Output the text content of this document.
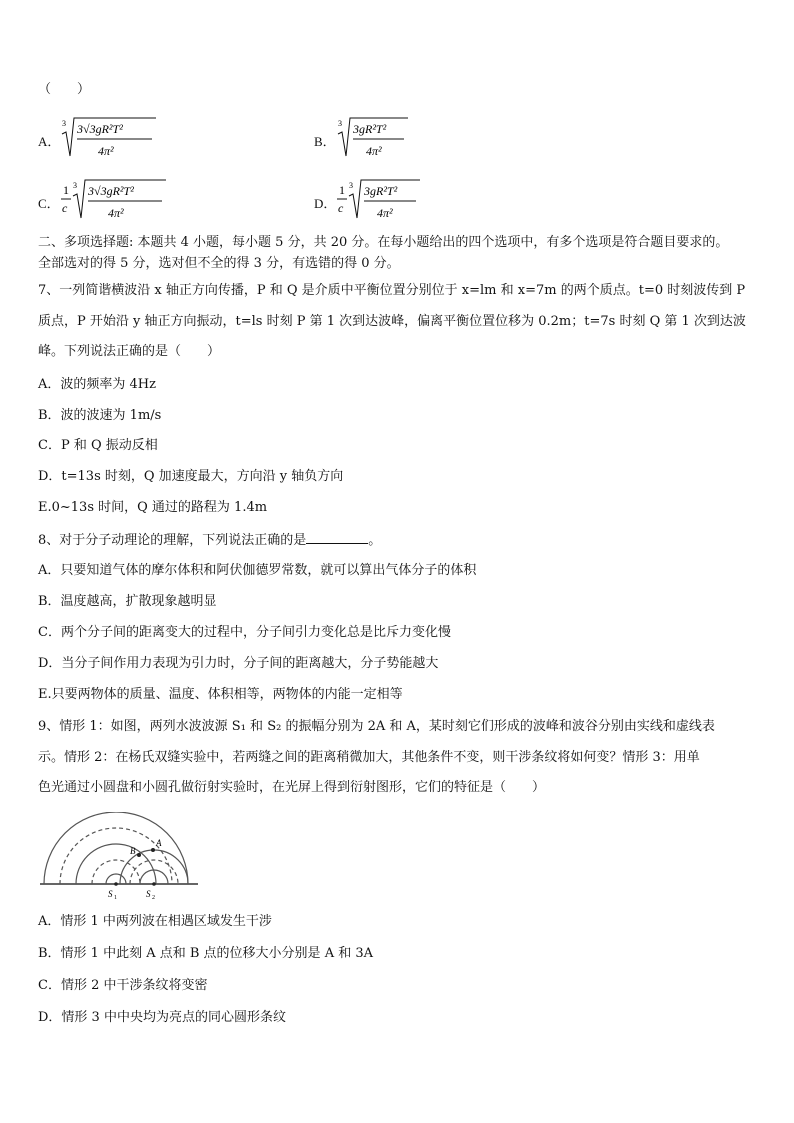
（　　）
A．
3 3√3gR²T²
4π²
B．
3 3gR²T²
4π²
C．
1
c
3 3√3gR²T²
4π²
D．
1
c
3 3gR²T²
4π²
二、多项选择题: 本题共 4 小题，每小题 5 分，共 20 分。在每小题给出的四个选项中，有多个选项是符合题目要求的。
全部选对的得 5 分，选对但不全的得 3 分，有选错的得 0 分。
7、一列简谐横波沿 x 轴正方向传播，P 和 Q 是介质中平衡位置分别位于 x=lm 和 x=7m 的两个质点。t=0 时刻波传到 P
质点，P 开始沿 y 轴正方向振动，t=ls 时刻 P 第 1 次到达波峰，偏离平衡位置位移为 0.2m；t=7s 时刻 Q 第 1 次到达波
峰。下列说法正确的是（　　）
A．波的频率为 4Hz
B．波的波速为 1m/s
C．P 和 Q 振动反相
D．t=13s 时刻，Q 加速度最大，方向沿 y 轴负方向
E.0~13s 时间，Q 通过的路程为 1.4m
8、对于分子动理论的理解，下列说法正确的是	。
A．只要知道气体的摩尔体积和阿伏伽德罗常数，就可以算出气体分子的体积
B．温度越高，扩散现象越明显
C．两个分子间的距离变大的过程中，分子间引力变化总是比斥力变化慢
D．当分子间作用力表现为引力时，分子间的距离越大，分子势能越大
E.只要两物体的质量、温度、体积相等，两物体的内能一定相等
9、情形 1：如图，两列水波波源 S₁ 和 S₂ 的振幅分别为 2A 和 A，某时刻它们形成的波峰和波谷分别由实线和虚线表
示。情形 2：在杨氏双缝实验中，若两缝之间的距离稍微加大，其他条件不变，则干涉条纹将如何变？情形 3：用单
色光通过小圆盘和小圆孔做衍射实验时，在光屏上得到衍射图形，它们的特征是（　　）
B
A
S 1	S 2
A．情形 1 中两列波在相遇区域发生干涉
B．情形 1 中此刻 A 点和 B 点的位移大小分别是 A 和 3A
C．情形 2 中干涉条纹将变密
D．情形 3 中中央均为亮点的同心圆形条纹
